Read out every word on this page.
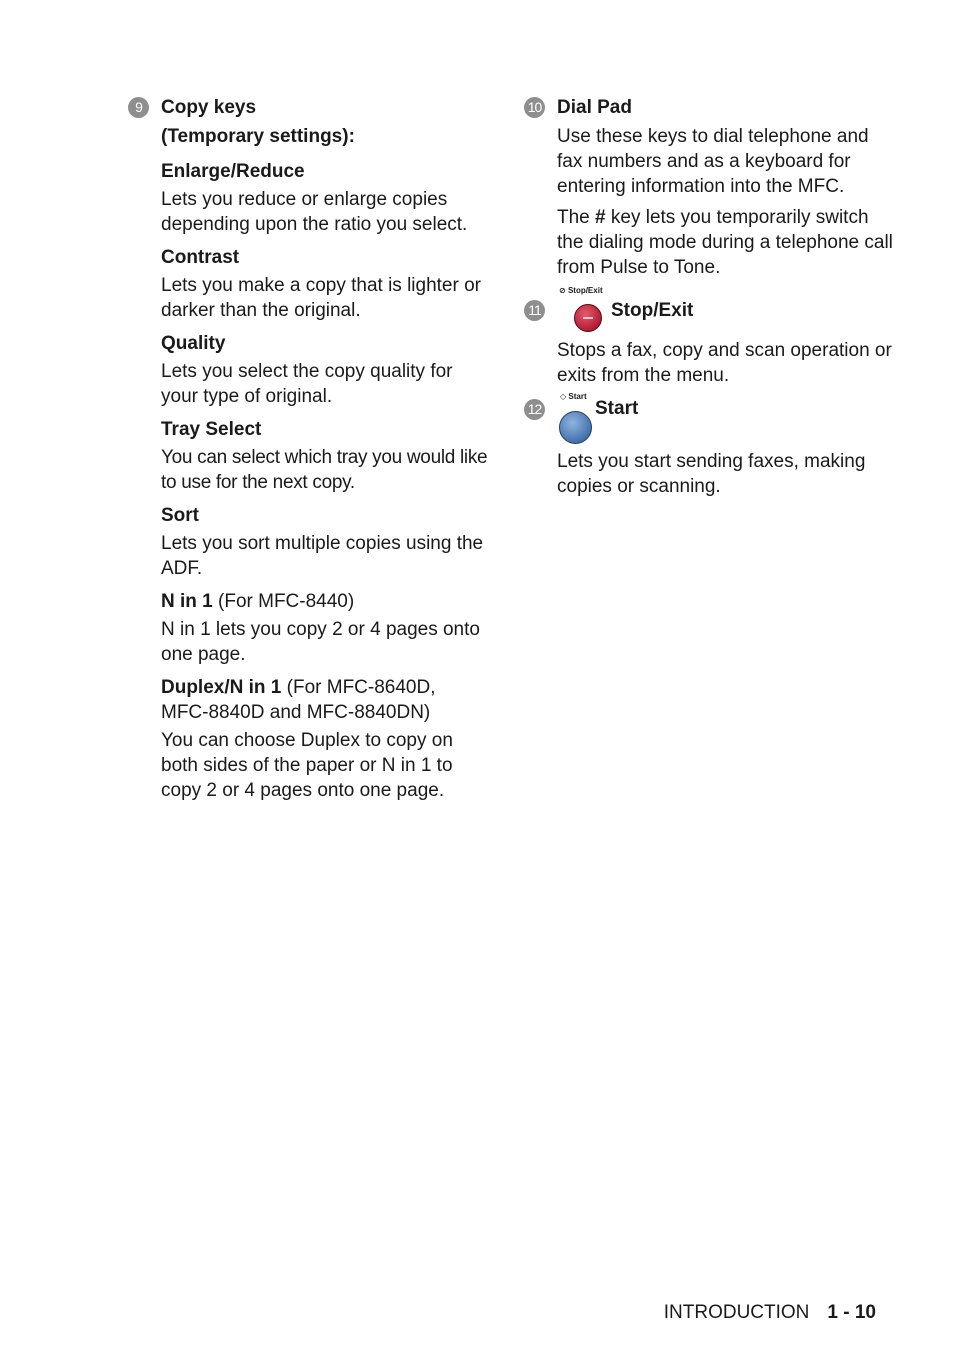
9	Copy keys

(Temporary settings):

Enlarge/Reduce

Lets you reduce or enlarge copies depending upon the ratio you select.

Contrast

Lets you make a copy that is lighter or darker than the original.

Quality

Lets you select the copy quality for your type of original.

Tray Select

You can select which tray you would like to use for the next copy.

Sort

Lets you sort multiple copies using the ADF.

N in 1 (For MFC-8440)

N in 1 lets you copy 2 or 4 pages onto one page.

Duplex/N in 1 (For MFC-8640D, MFC-8840D and MFC-8840DN)

You can choose Duplex to copy on both sides of the paper or N in 1 to copy 2 or 4 pages onto one page.

10 Dial Pad

Use these keys to dial telephone and fax numbers and as a keyboard for entering information into the MFC.

The # key lets you temporarily switch the dialing mode during a telephone call from Pulse to Tone.

11
⊘ Stop/Exit
Stop/Exit

Stops a fax, copy and scan operation or exits from the menu.

12
◇ Start
Start

Lets you start sending faxes, making copies or scanning.

INTRODUCTION 1 - 10
